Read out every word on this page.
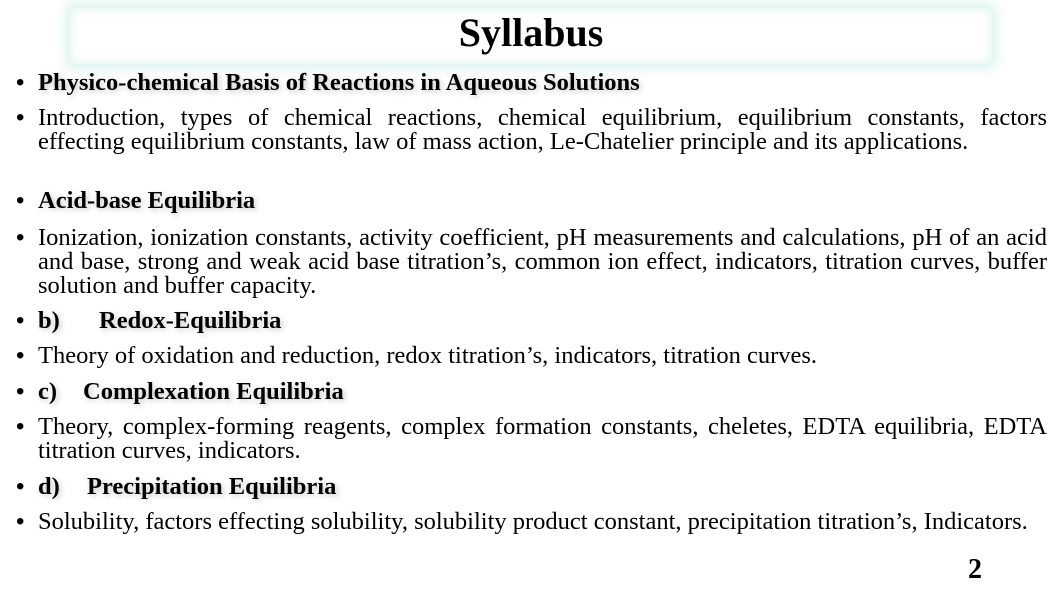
Syllabus
• Physico-chemical Basis of Reactions in Aqueous Solutions
• Introduction, types of chemical reactions, chemical equilibrium, equilibrium constants, factors effecting equilibrium constants, law of mass action, Le-Chatelier principle and its applications.
• Acid-base Equilibria
• Ionization, ionization constants, activity coefficient, pH measurements and calculations, pH of an acid and base, strong and weak acid base titration’s, common ion effect, indicators, titration curves, buffer solution and buffer capacity.
• b) Redox-Equilibria
• Theory of oxidation and reduction, redox titration’s, indicators, titration curves.
• c) Complexation Equilibria
• Theory, complex-forming reagents, complex formation constants, cheletes, EDTA equilibria, EDTA titration curves, indicators.
• d) Precipitation Equilibria
• Solubility, factors effecting solubility, solubility product constant, precipitation titration’s, Indicators.
2
